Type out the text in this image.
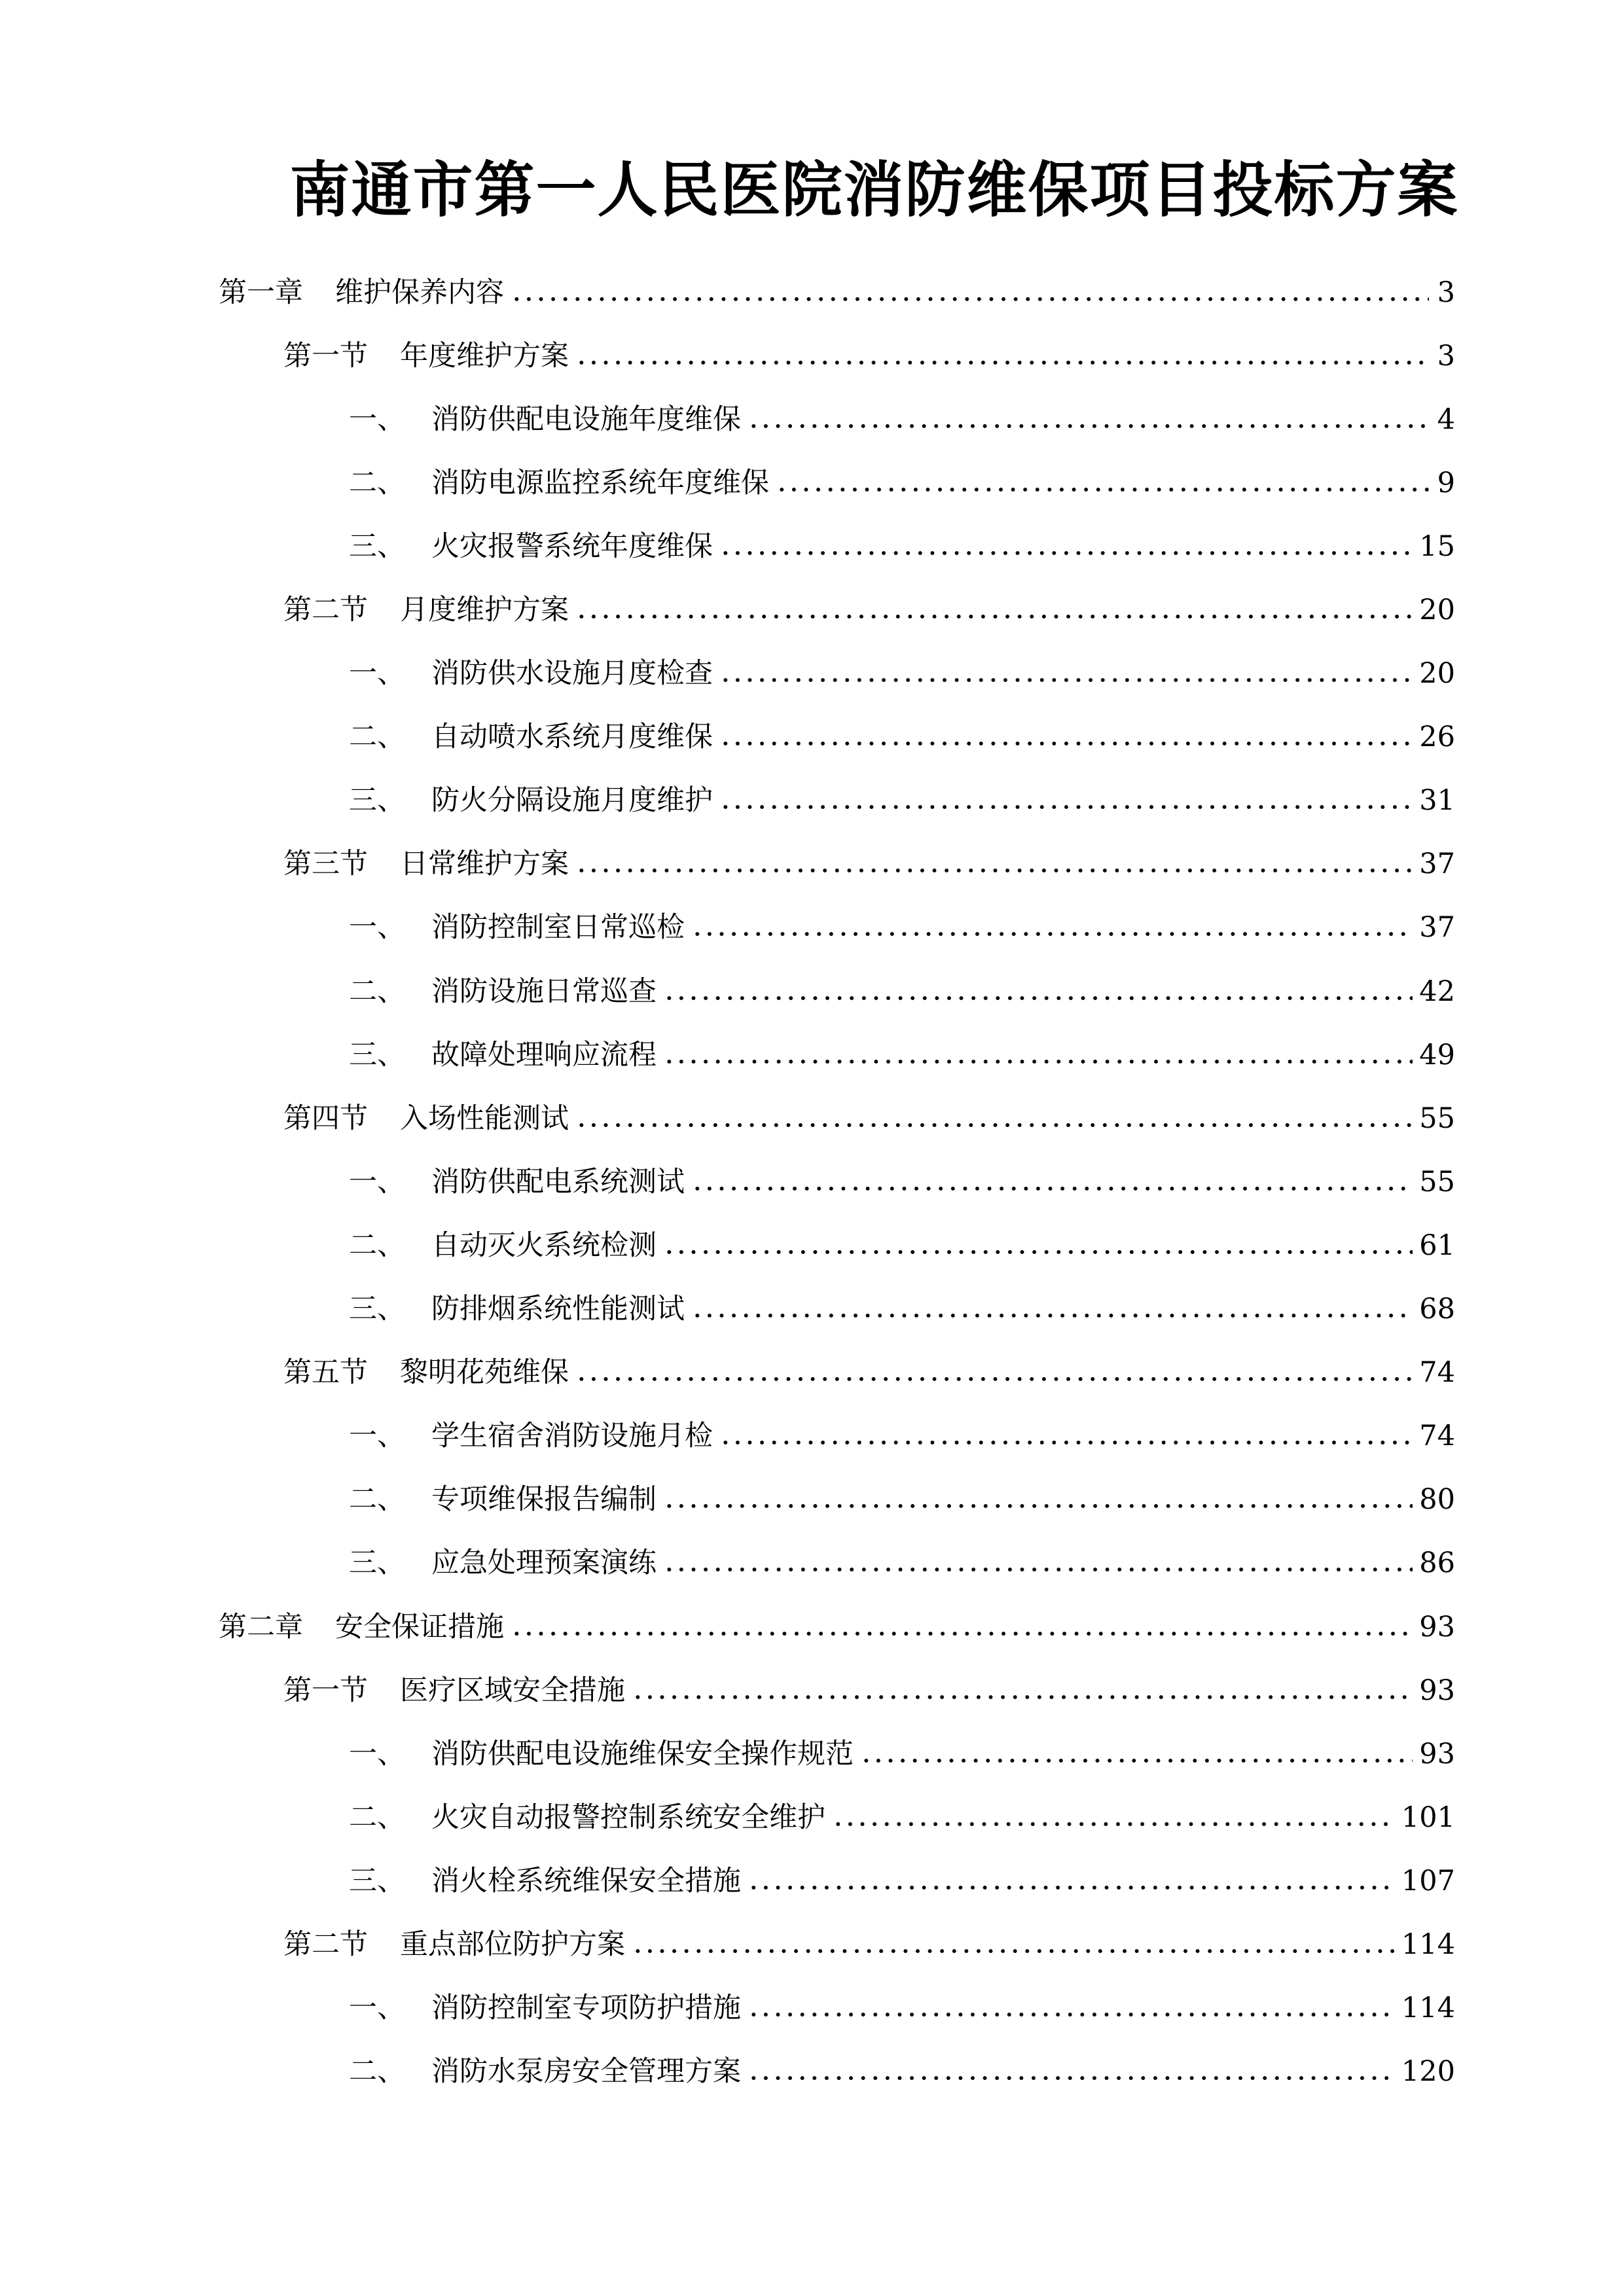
南通市第一人民医院消防维保项目投标方案
第一章	维护保养内容	3
第一节	年度维护方案	3
一、 消防供配电设施年度维保	4
二、 消防电源监控系统年度维保	9
三、 火灾报警系统年度维保	15
第二节	月度维护方案	20
一、 消防供水设施月度检查	20
二、 自动喷水系统月度维保	26
三、 防火分隔设施月度维护	31
第三节	日常维护方案	37
一、 消防控制室日常巡检	37
二、 消防设施日常巡查	42
三、 故障处理响应流程	49
第四节	入场性能测试	55
一、 消防供配电系统测试	55
二、 自动灭火系统检测	61
三、 防排烟系统性能测试	68
第五节	黎明花苑维保	74
一、 学生宿舍消防设施月检	74
二、 专项维保报告编制	80
三、 应急处理预案演练	86
第二章	安全保证措施	93
第一节	医疗区域安全措施	93
一、 消防供配电设施维保安全操作规范	93
二、 火灾自动报警控制系统安全维护	101
三、 消火栓系统维保安全措施	107
第二节	重点部位防护方案	114
一、 消防控制室专项防护措施	114
二、 消防水泵房安全管理方案	120
